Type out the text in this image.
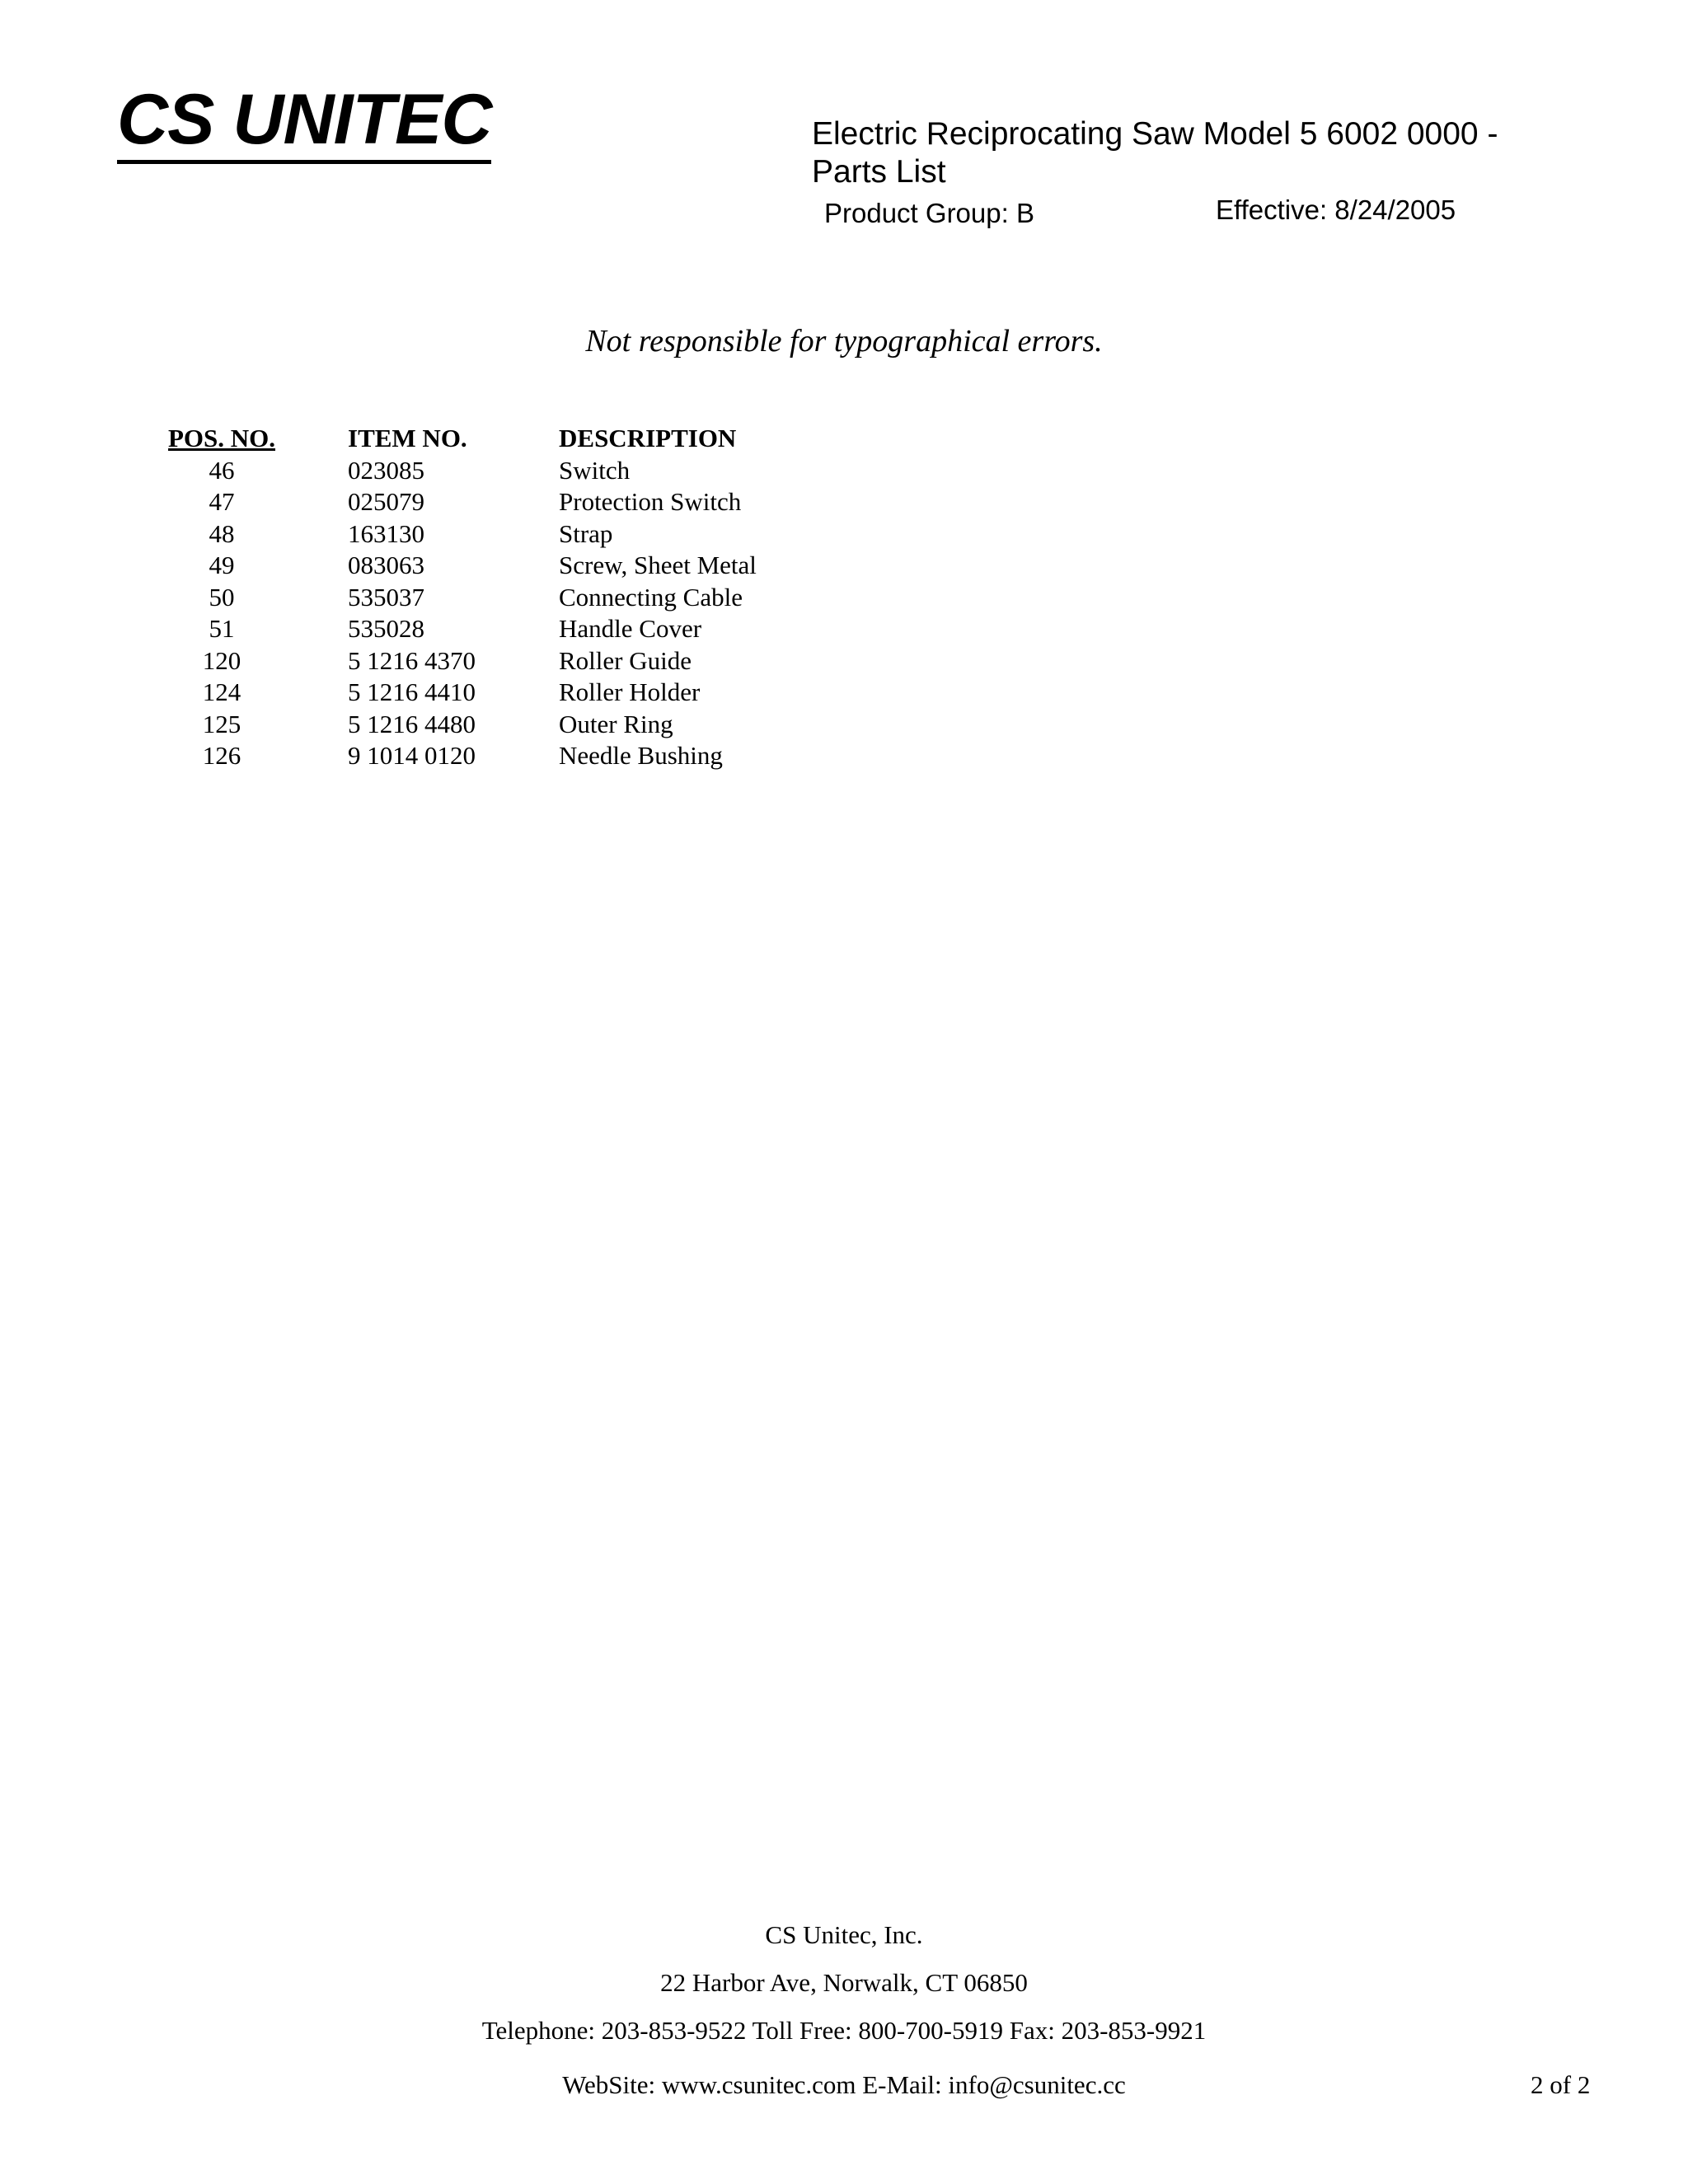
CS UNITEC	Electric Reciprocating Saw Model 5 6002 0000 - Parts List
Product Group: B	Effective: 8/24/2005
Not responsible for typographical errors.
POS. NO.	ITEM NO.	DESCRIPTION
46	023085	Switch
47	025079	Protection Switch
48	163130	Strap
49	083063	Screw, Sheet Metal
50	535037	Connecting Cable
51	535028	Handle Cover
120	5 1216 4370	Roller Guide
124	5 1216 4410	Roller Holder
125	5 1216 4480	Outer Ring
126	9 1014 0120	Needle Bushing
CS Unitec, Inc.
22 Harbor Ave, Norwalk, CT 06850
Telephone: 203-853-9522 Toll Free: 800-700-5919 Fax: 203-853-9921
WebSite: www.csunitec.com E-Mail: info@csunitec.cc	2 of 2
